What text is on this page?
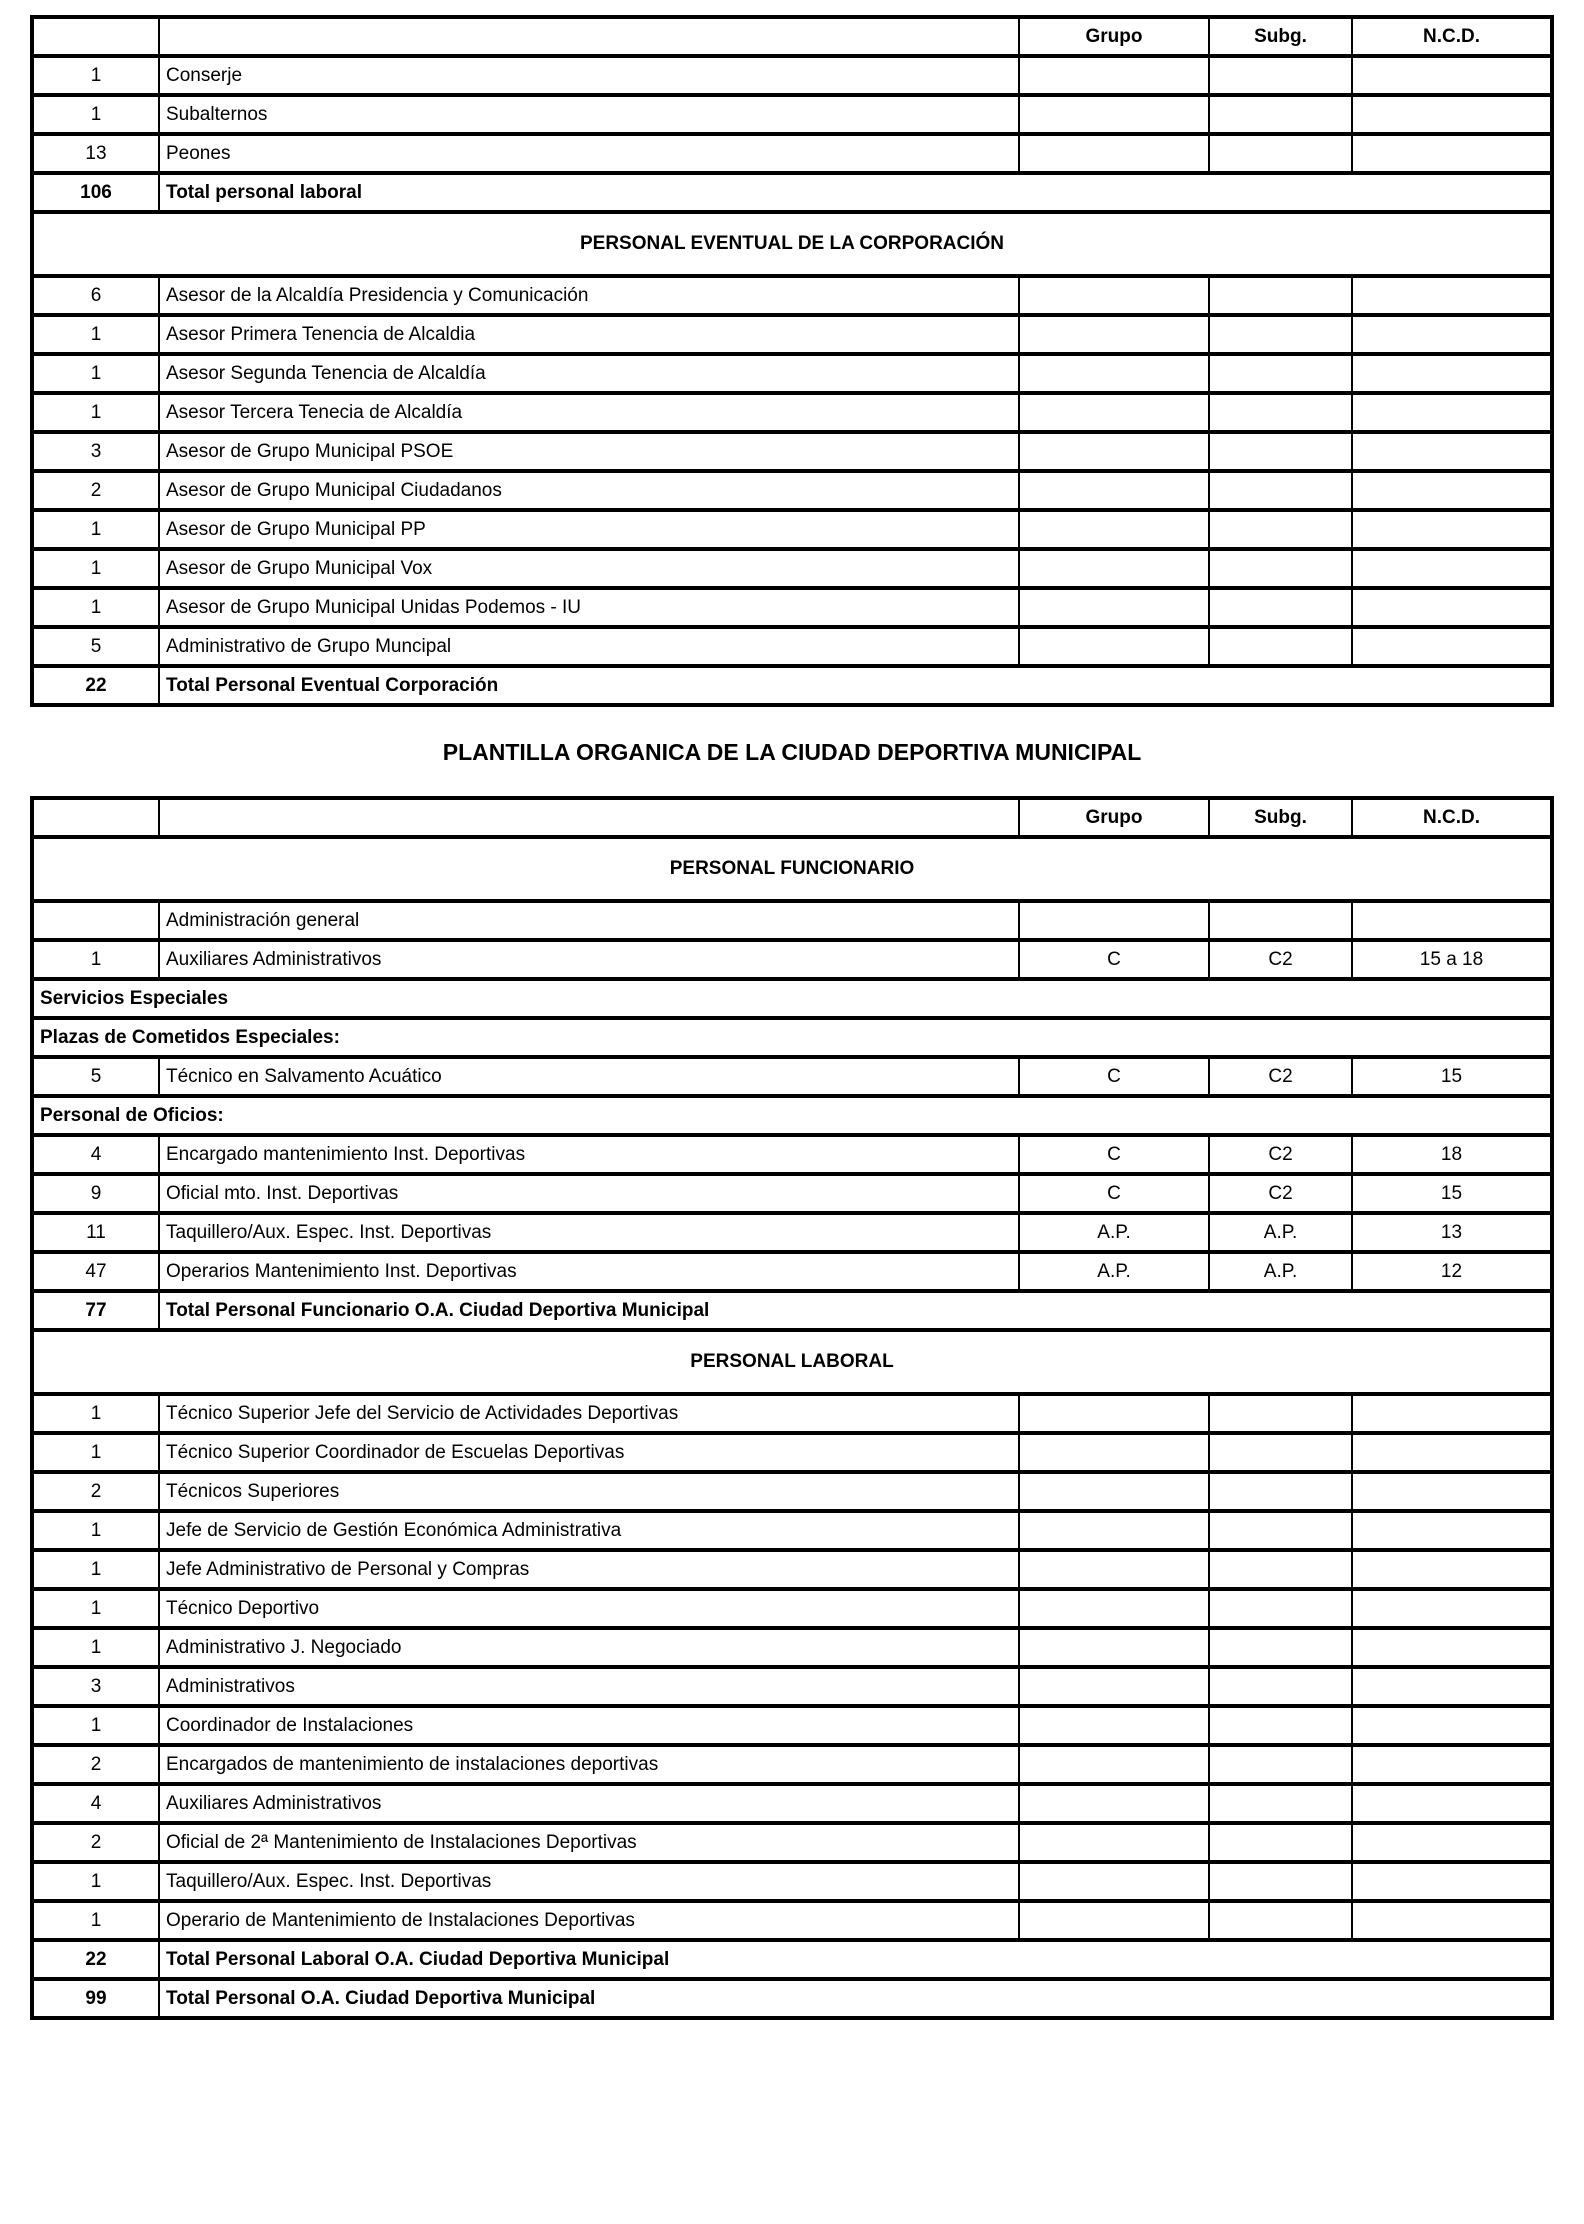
		Grupo	Subg.	N.C.D.
1	Conserje			
1	Subalternos			
13	Peones			
106	Total personal laboral			
PERSONAL EVENTUAL DE LA CORPORACIÓN				
6	Asesor de la Alcaldía Presidencia y Comunicación			
1	Asesor Primera Tenencia de Alcaldia			
1	Asesor Segunda Tenencia de Alcaldía			
1	Asesor Tercera Tenecia de Alcaldía			
3	Asesor de Grupo Municipal PSOE			
2	Asesor de Grupo Municipal Ciudadanos			
1	Asesor de Grupo Municipal PP			
1	Asesor de Grupo Municipal Vox			
1	Asesor de Grupo Municipal Unidas Podemos - IU			
5	Administrativo de Grupo Muncipal			
22	Total Personal Eventual Corporación			
PLANTILLA ORGANICA DE LA CIUDAD DEPORTIVA MUNICIPAL
		Grupo	Subg.	N.C.D.
PERSONAL FUNCIONARIO				
	Administración general			
1	Auxiliares Administrativos	C	C2	15 a 18
Servicios Especiales				
Plazas de Cometidos Especiales:				
5	Técnico en Salvamento Acuático	C	C2	15
Personal de Oficios:				
4	Encargado mantenimiento Inst. Deportivas	C	C2	18
9	Oficial mto. Inst. Deportivas	C	C2	15
11	Taquillero/Aux. Espec. Inst. Deportivas	A.P.	A.P.	13
47	Operarios Mantenimiento Inst. Deportivas	A.P.	A.P.	12
77	Total Personal Funcionario O.A. Ciudad Deportiva Municipal			
PERSONAL LABORAL				
1	Técnico Superior Jefe del Servicio de Actividades Deportivas			
1	Técnico Superior Coordinador de Escuelas Deportivas			
2	Técnicos Superiores			
1	Jefe de Servicio de Gestión Económica Administrativa			
1	Jefe Administrativo de Personal y Compras			
1	Técnico Deportivo			
1	Administrativo J. Negociado			
3	Administrativos			
1	Coordinador de Instalaciones			
2	Encargados de mantenimiento de instalaciones deportivas			
4	Auxiliares Administrativos			
2	Oficial de 2ª Mantenimiento de Instalaciones Deportivas			
1	Taquillero/Aux. Espec. Inst. Deportivas			
1	Operario de Mantenimiento de Instalaciones Deportivas			
22	Total Personal Laboral O.A. Ciudad Deportiva Municipal			
99	Total Personal O.A. Ciudad Deportiva Municipal			
